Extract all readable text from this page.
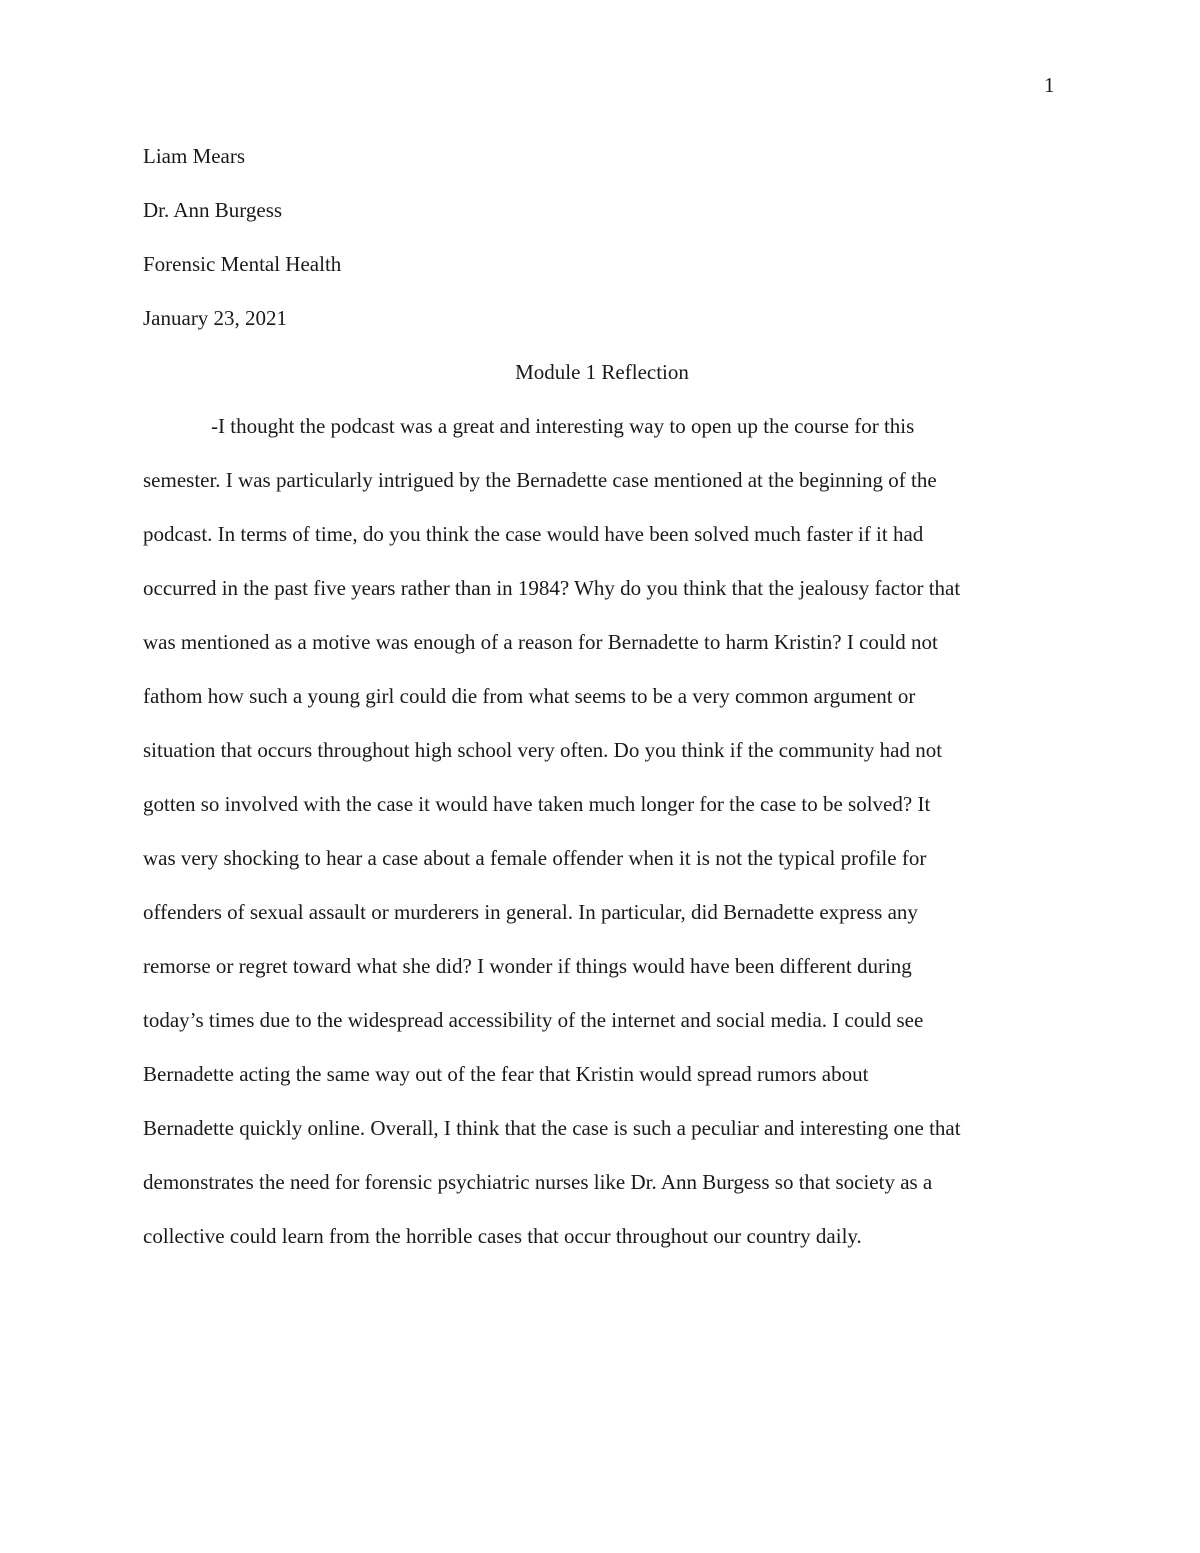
1
Liam Mears
Dr. Ann Burgess
Forensic Mental Health
January 23, 2021
Module 1 Reflection
-I thought the podcast was a great and interesting way to open up the course for this
semester. I was particularly intrigued by the Bernadette case mentioned at the beginning of the
podcast. In terms of time, do you think the case would have been solved much faster if it had
occurred in the past five years rather than in 1984? Why do you think that the jealousy factor that
was mentioned as a motive was enough of a reason for Bernadette to harm Kristin? I could not
fathom how such a young girl could die from what seems to be a very common argument or
situation that occurs throughout high school very often. Do you think if the community had not
gotten so involved with the case it would have taken much longer for the case to be solved? It
was very shocking to hear a case about a female offender when it is not the typical profile for
offenders of sexual assault or murderers in general. In particular, did Bernadette express any
remorse or regret toward what she did? I wonder if things would have been different during
today’s times due to the widespread accessibility of the internet and social media. I could see
Bernadette acting the same way out of the fear that Kristin would spread rumors about
Bernadette quickly online. Overall, I think that the case is such a peculiar and interesting one that
demonstrates the need for forensic psychiatric nurses like Dr. Ann Burgess so that society as a
collective could learn from the horrible cases that occur throughout our country daily.
